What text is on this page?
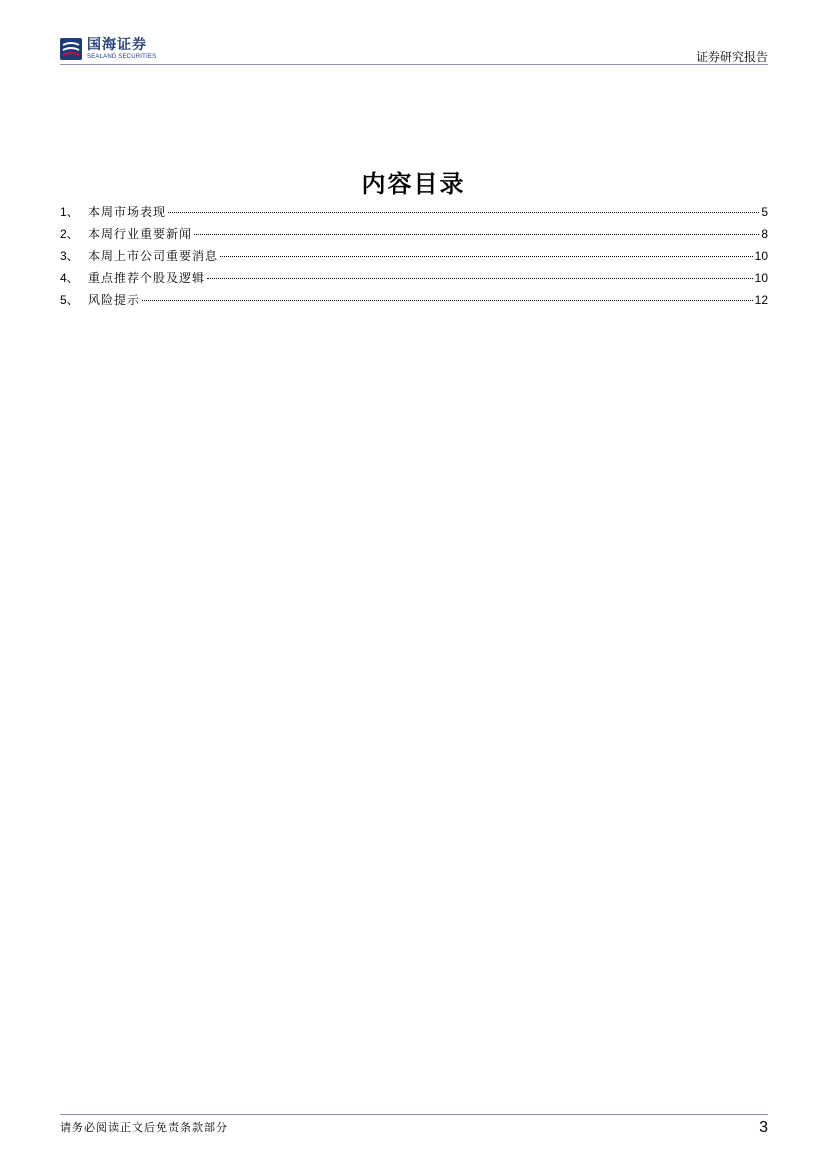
国海证券
SEALAND SECURITIES	证券研究报告
内容目录
1、 本周市场表现	5
2、 本周行业重要新闻	8
3、 本周上市公司重要消息	10
4、 重点推荐个股及逻辑	10
5、 风险提示	12
请务必阅读正文后免责条款部分	3
